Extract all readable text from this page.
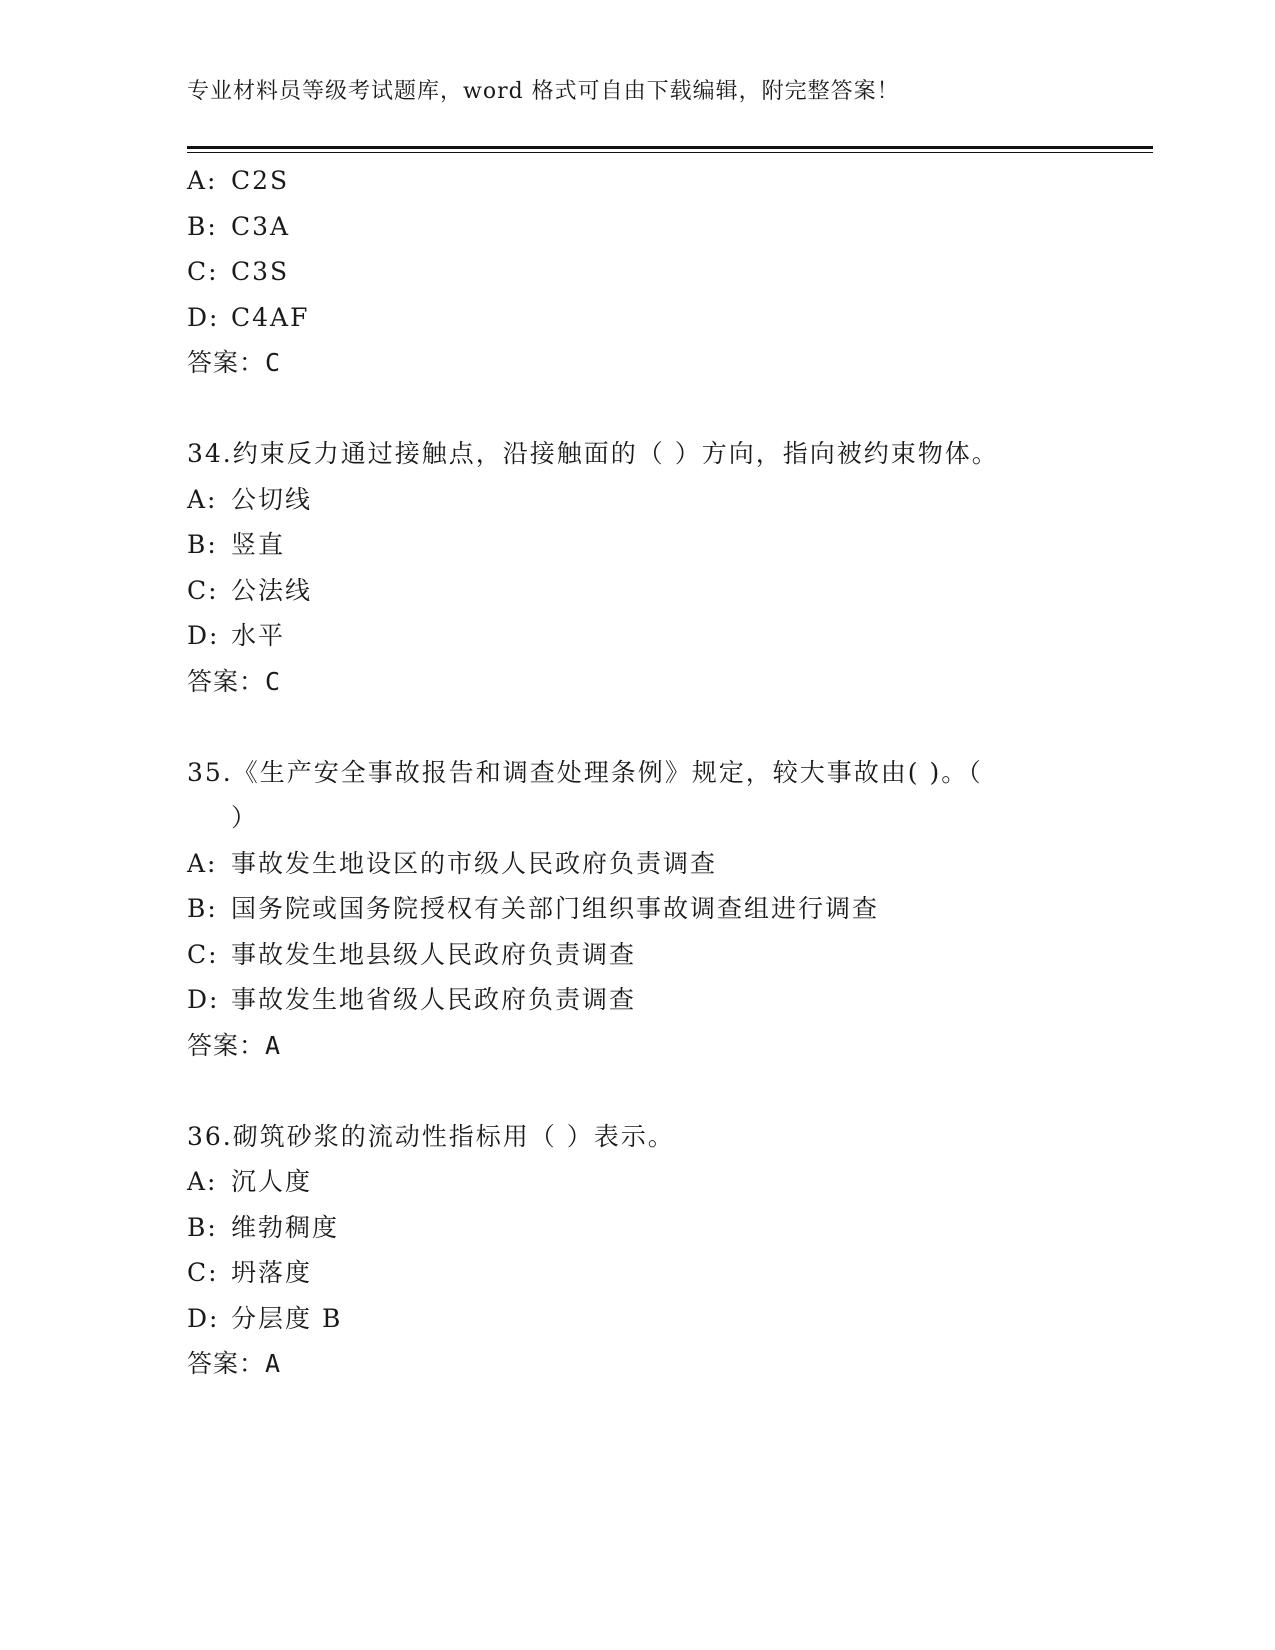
专业材料员等级考试题库，word 格式可自由下载编辑，附完整答案！
A: C2S
B: C3A
C: C3S
D: C4AF
答案：C
34.约束反力通过接触点，沿接触面的（ ）方向，指向被约束物体。
A: 公切线
B: 竖直
C: 公法线
D: 水平
答案：C
35.《生产安全事故报告和调查处理条例》规定，较大事故由( )。（
）
A: 事故发生地设区的市级人民政府负责调查
B: 国务院或国务院授权有关部门组织事故调查组进行调查
C: 事故发生地县级人民政府负责调查
D: 事故发生地省级人民政府负责调查
答案：A
36.砌筑砂浆的流动性指标用（ ）表示。
A: 沉人度
B: 维勃稠度
C: 坍落度
D: 分层度 B
答案：A
